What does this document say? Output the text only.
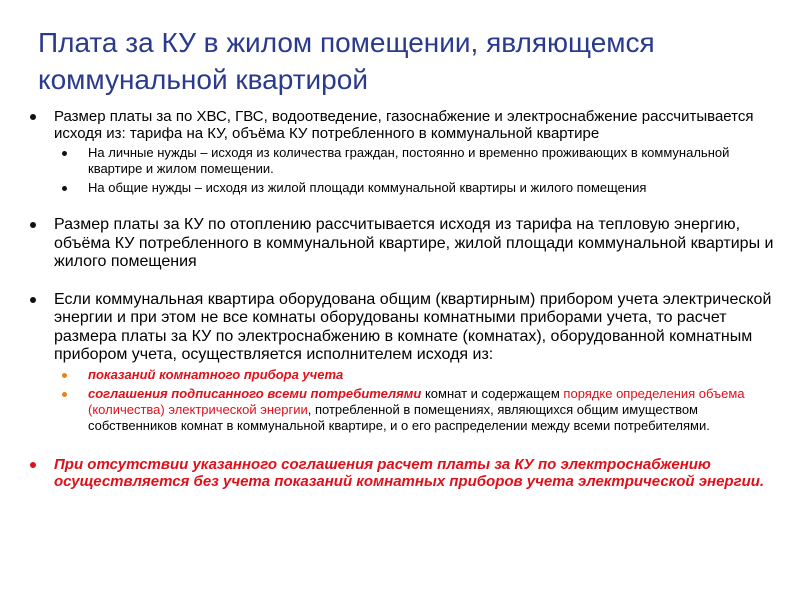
Плата за КУ в жилом помещении, являющемся коммунальной квартирой
Размер платы за по ХВС, ГВС, водоотведение, газоснабжение и электроснабжение рассчитывается исходя из: тарифа на КУ, объёма КУ потребленного в коммунальной квартире
На личные нужды – исходя из количества граждан, постоянно и временно проживающих в коммунальной квартире и жилом помещении.
На общие нужды – исходя из жилой площади коммунальной квартиры и жилого помещения
Размер платы за КУ по отоплению рассчитывается исходя из тарифа на тепловую энергию, объёма КУ потребленного в коммунальной квартире, жилой площади коммунальной квартиры и жилого помещения
Если коммунальная квартира оборудована общим (квартирным) прибором учета электрической энергии и при этом не все комнаты оборудованы комнатными приборами учета, то расчет размера платы за КУ по электроснабжению в комнате (комнатах), оборудованной комнатным прибором учета, осуществляется исполнителем исходя из:
показаний комнатного прибора учета
соглашения подписанного всеми потребителями комнат и содержащем порядке определения объема (количества) электрической энергии, потребленной в помещениях, являющихся общим имуществом собственников комнат в коммунальной квартире, и о его распределении между всеми потребителями.
При отсутствии указанного соглашения расчет платы за КУ по электроснабжению осуществляется без учета показаний комнатных приборов учета электрической энергии.
